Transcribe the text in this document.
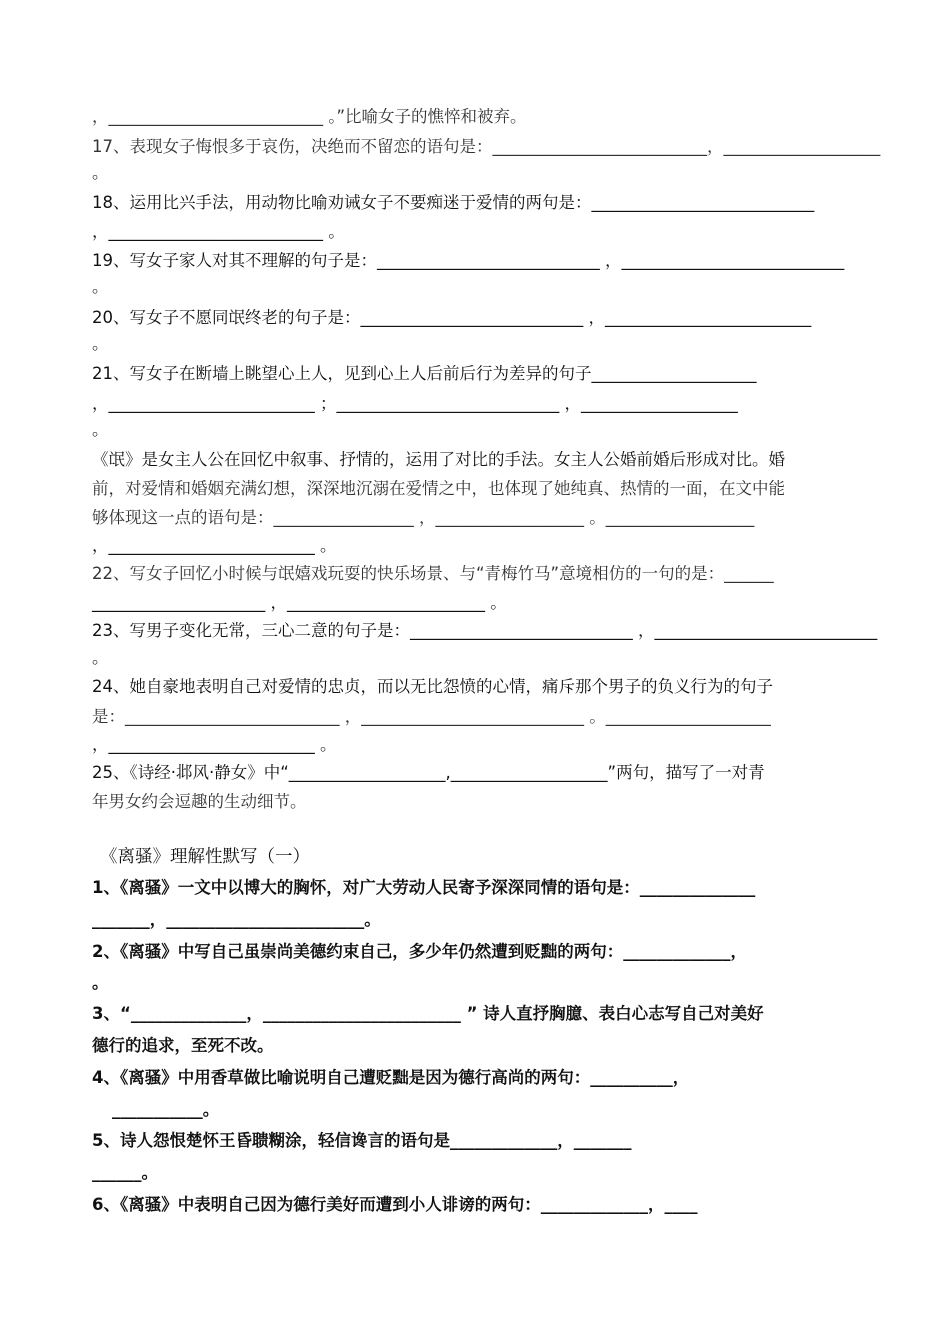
，__________________________ 。”比喻女子的憔悴和被弃。
17、表现女子悔恨多于哀伤，决绝而不留恋的语句是：__________________________，___________________
。
18、运用比兴手法，用动物比喻劝诫女子不要痴迷于爱情的两句是：___________________________
，__________________________ 。
19、写女子家人对其不理解的句子是：___________________________ ，___________________________
。
20、写女子不愿同氓终老的句子是：___________________________ ，_________________________
。
21、写女子在断墙上眺望心上人，见到心上人后前后行为差异的句子____________________
，_________________________ ；___________________________ ，___________________
。
《氓》是女主人公在回忆中叙事、抒情的，运用了对比的手法。女主人公婚前婚后形成对比。婚
前，对爱情和婚姻充满幻想，深深地沉溺在爱情之中，也体现了她纯真、热情的一面，在文中能
够体现这一点的语句是：_________________ ，__________________ 。__________________
，_________________________ 。
22、写女子回忆小时候与氓嬉戏玩耍的快乐场景、与“青梅竹马”意境相仿的一句的是：______
_____________________ ，________________________ 。
23、写男子变化无常，三心二意的句子是：___________________________ ，___________________________
。
24、她自豪地表明自己对爱情的忠贞，而以无比怨愤的心情，痛斥那个男子的负义行为的句子
是：__________________________ ，___________________________ 。____________________
，_________________________ 。
25、《诗经·邶风·静女》中“___________________,___________________”两句，描写了一对青
年男女约会逗趣的生动细节。
《离骚》理解性默写（一）
1、《离骚》一文中以博大的胸怀，对广大劳动人民寄予深深同情的语句是：______________
_______，________________________。
2、《离骚》中写自己虽崇尚美德约束自己，多少年仍然遭到贬黜的两句：_____________，
。
3、“______________，________________________ ” 诗人直抒胸臆、表白心志写自己对美好
德行的追求，至死不改。
4、《离骚》中用香草做比喻说明自己遭贬黜是因为德行高尚的两句：__________，
___________。
5、诗人怨恨楚怀王昏聩糊涂，轻信谗言的语句是_____________，_______
______。
6、《离骚》中表明自己因为德行美好而遭到小人诽谤的两句：_____________，____
